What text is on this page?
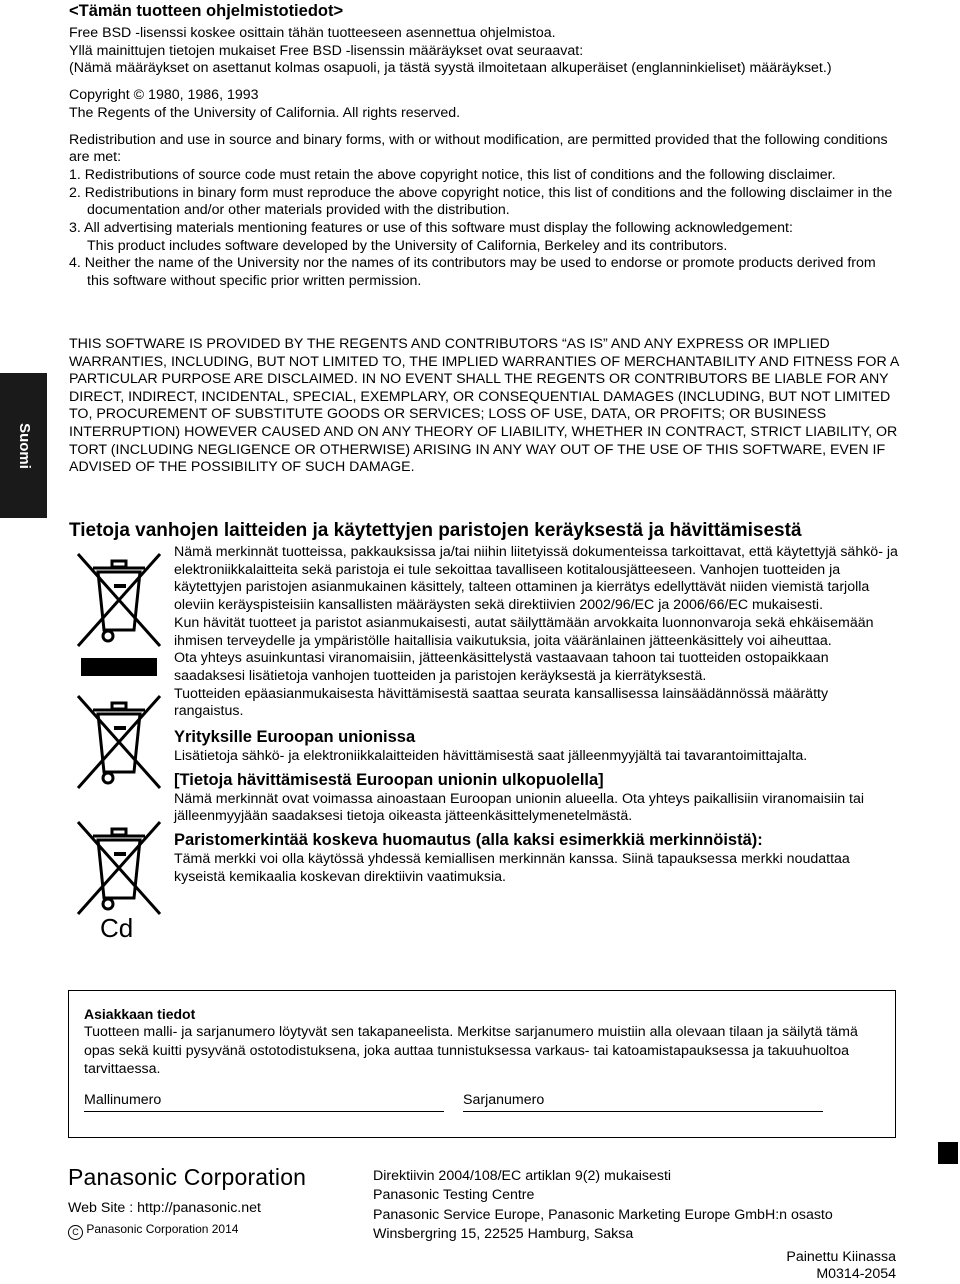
<Tämän tuotteen ohjelmistotiedot>

Free BSD -lisenssi koskee osittain tähän tuotteeseen asennettua ohjelmistoa.

Yllä mainittujen tietojen mukaiset Free BSD -lisenssin määräykset ovat seuraavat:

(Nämä määräykset on asettanut kolmas osapuoli, ja tästä syystä ilmoitetaan alkuperäiset (englanninkieliset) määräykset.)

Copyright © 1980, 1986, 1993

The Regents of the University of California. All rights reserved.

Redistribution and use in source and binary forms, with or without modification, are permitted provided that the following conditions are met:

1. Redistributions of source code must retain the above copyright notice, this list of conditions and the following disclaimer.

2. Redistributions in binary form must reproduce the above copyright notice, this list of conditions and the following disclaimer in the documentation and/or other materials provided with the distribution.

3. All advertising materials mentioning features or use of this software must display the following acknowledgement:

This product includes software developed by the University of California, Berkeley and its contributors.

4. Neither the name of the University nor the names of its contributors may be used to endorse or promote products derived from this software without specific prior written permission.

THIS SOFTWARE IS PROVIDED BY THE REGENTS AND CONTRIBUTORS “AS IS” AND ANY EXPRESS OR IMPLIED WARRANTIES, INCLUDING, BUT NOT LIMITED TO, THE IMPLIED WARRANTIES OF MERCHANTABILITY AND FITNESS FOR A PARTICULAR PURPOSE ARE DISCLAIMED. IN NO EVENT SHALL THE REGENTS OR CONTRIBUTORS BE LIABLE FOR ANY DIRECT, INDIRECT, INCIDENTAL, SPECIAL, EXEMPLARY, OR CONSEQUENTIAL DAMAGES (INCLUDING, BUT NOT LIMITED TO, PROCUREMENT OF SUBSTITUTE GOODS OR SERVICES; LOSS OF USE, DATA, OR PROFITS; OR BUSINESS INTERRUPTION) HOWEVER CAUSED AND ON ANY THEORY OF LIABILITY, WHETHER IN CONTRACT, STRICT LIABILITY, OR TORT (INCLUDING NEGLIGENCE OR OTHERWISE) ARISING IN ANY WAY OUT OF THE USE OF THIS SOFTWARE, EVEN IF ADVISED OF THE POSSIBILITY OF SUCH DAMAGE.

Suomi

Tietoja vanhojen laitteiden ja käytettyjen paristojen keräyksestä ja hävittämisestä

Cd

Nämä merkinnät tuotteissa, pakkauksissa ja/tai niihin liitetyissä dokumenteissa tarkoittavat, että käytettyjä sähkö- ja elektroniikkalaitteita sekä paristoja ei tule sekoittaa tavalliseen kotitalousjätteeseen. Vanhojen tuotteiden ja käytettyjen paristojen asianmukainen käsittely, talteen ottaminen ja kierrätys edellyttävät niiden viemistä tarjolla oleviin keräyspisteisiin kansallisten määräysten sekä direktiivien 2002/96/EC ja 2006/66/EC mukaisesti.

Kun hävität tuotteet ja paristot asianmukaisesti, autat säilyttämään arvokkaita luonnonvaroja sekä ehkäisemään ihmisen terveydelle ja ympäristölle haitallisia vaikutuksia, joita vääränlainen jätteenkäsittely voi aiheuttaa.

Ota yhteys asuinkuntasi viranomaisiin, jätteenkäsittelystä vastaavaan tahoon tai tuotteiden ostopaikkaan saadaksesi lisätietoja vanhojen tuotteiden ja paristojen keräyksestä ja kierrätyksestä.

Tuotteiden epäasianmukaisesta hävittämisestä saattaa seurata kansallisessa lainsäädännössä määrätty rangaistus.

Yrityksille Euroopan unionissa

Lisätietoja sähkö- ja elektroniikkalaitteiden hävittämisestä saat jälleenmyyjältä tai tavarantoimittajalta.

[Tietoja hävittämisestä Euroopan unionin ulkopuolella]

Nämä merkinnät ovat voimassa ainoastaan Euroopan unionin alueella. Ota yhteys paikallisiin viranomaisiin tai jälleenmyyjään saadaksesi tietoja oikeasta jätteenkäsittelymenetelmästä.

Paristomerkintää koskeva huomautus (alla kaksi esimerkkiä merkinnöistä):

Tämä merkki voi olla käytössä yhdessä kemiallisen merkinnän kanssa. Siinä tapauksessa merkki noudattaa kyseistä kemikaalia koskevan direktiivin vaatimuksia.

Asiakkaan tiedot

Tuotteen malli- ja sarjanumero löytyvät sen takapaneelista. Merkitse sarjanumero muistiin alla olevaan tilaan ja säilytä tämä opas sekä kuitti pysyvänä ostotodistuksena, joka auttaa tunnistuksessa varkaus- tai katoamistapauksessa ja takuuhuoltoa tarvittaessa.

Mallinumero	Sarjanumero
Panasonic Corporation
Web Site : http://panasonic.net
C Panasonic Corporation 2014

Direktiivin 2004/108/EC artiklan 9(2) mukaisesti

Panasonic Testing Centre

Panasonic Service Europe, Panasonic Marketing Europe GmbH:n osasto

Winsbergring 15, 22525 Hamburg, Saksa

Painettu Kiinassa

M0314-2054
